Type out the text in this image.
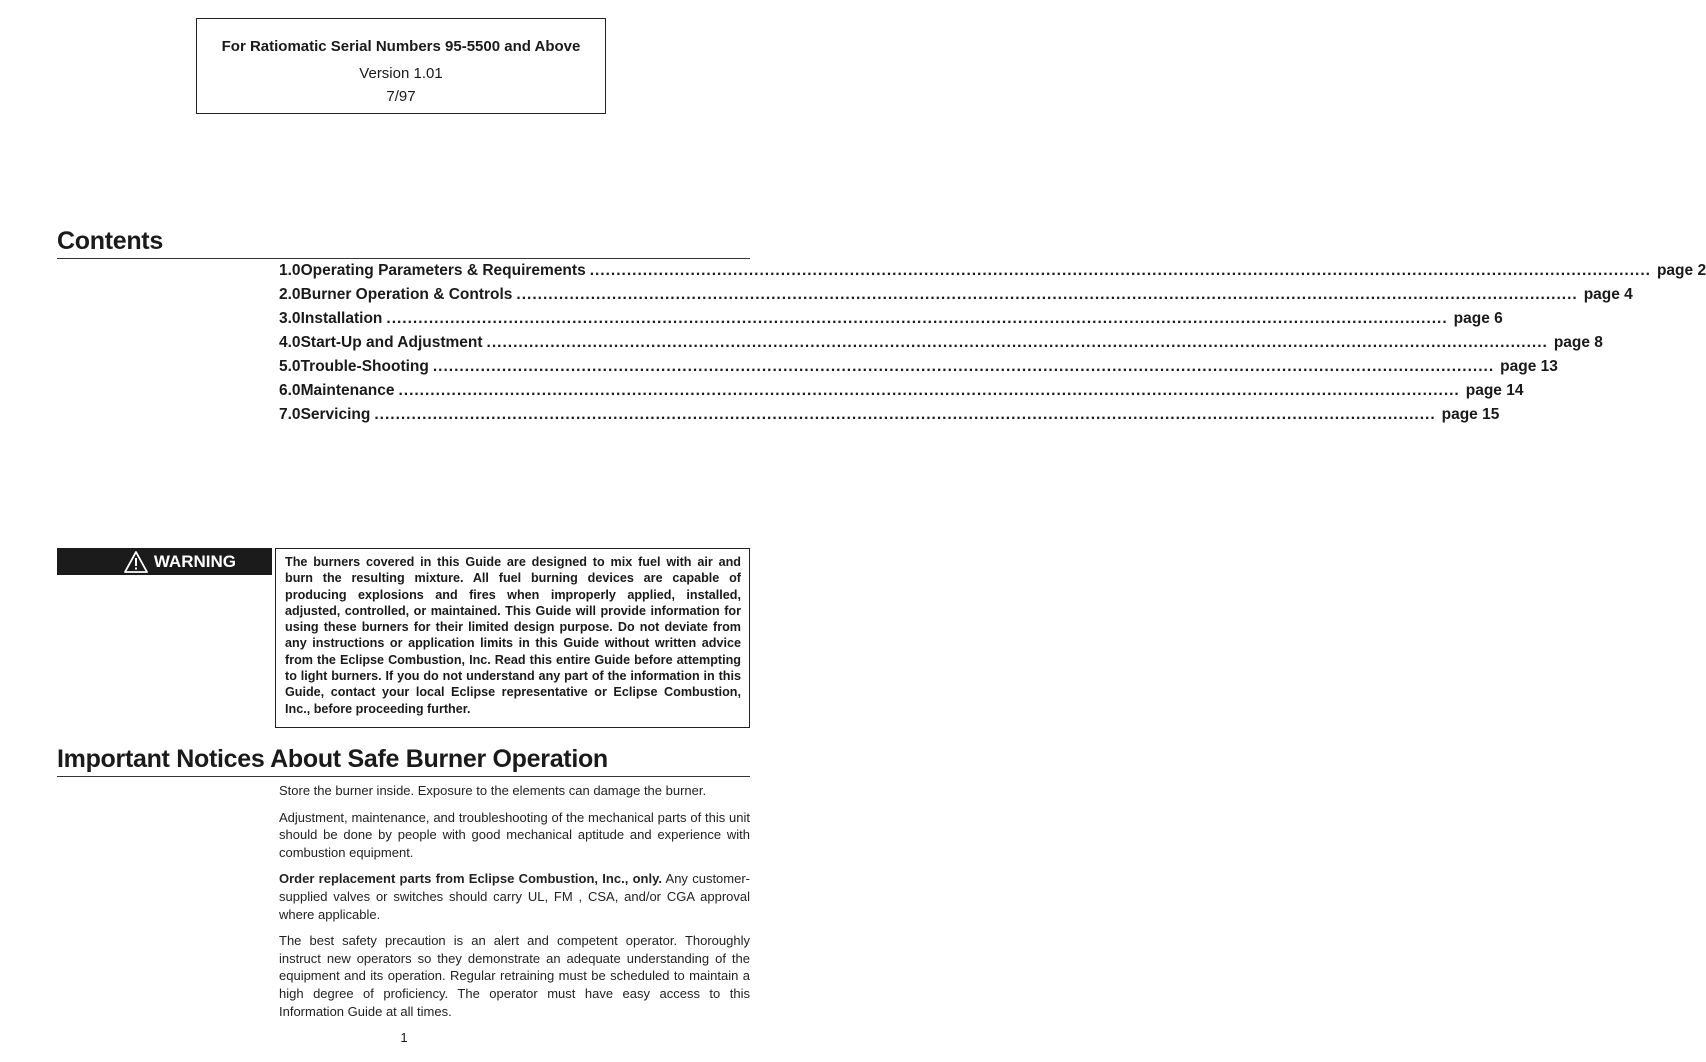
For Ratiomatic Serial Numbers 95-5500 and Above
Version 1.01
7/97
Contents
1.0 Operating Parameters & Requirements ........................................................................................................................................................................................................ page 2
2.0 Burner Operation & Controls ........................................................................................................................................................................................................ page 4
3.0 Installation ........................................................................................................................................................................................................ page 6
4.0 Start-Up and Adjustment ........................................................................................................................................................................................................ page 8
5.0 Trouble-Shooting ........................................................................................................................................................................................................ page 13
6.0 Maintenance ........................................................................................................................................................................................................ page 14
7.0 Servicing ........................................................................................................................................................................................................ page 15
WARNING	The burners covered in this Guide are designed to mix fuel with air and burn the resulting mixture. All fuel burning devices are capable of producing explosions and fires when improperly applied, installed, adjusted, controlled, or maintained. This Guide will provide information for using these burners for their limited design purpose. Do not deviate from any instructions or application limits in this Guide without written advice from the Eclipse Combustion, Inc. Read this entire Guide before attempting to light burners. If you do not understand any part of the information in this Guide, contact your local Eclipse representative or Eclipse Combustion, Inc., before proceeding further.
Important Notices About Safe Burner Operation

Store the burner inside. Exposure to the elements can damage the burner.

Adjustment, maintenance, and troubleshooting of the mechanical parts of this unit should be done by people with good mechanical aptitude and experience with combustion equipment.

Order replacement parts from Eclipse Combustion, Inc., only. Any customer-supplied valves or switches should carry UL, FM , CSA, and/or CGA approval where applicable.

The best safety precaution is an alert and competent operator. Thoroughly instruct new operators so they demonstrate an adequate understanding of the equipment and its operation. Regular retraining must be scheduled to maintain a high degree of proficiency. The operator must have easy access to this Information Guide at all times.

1
